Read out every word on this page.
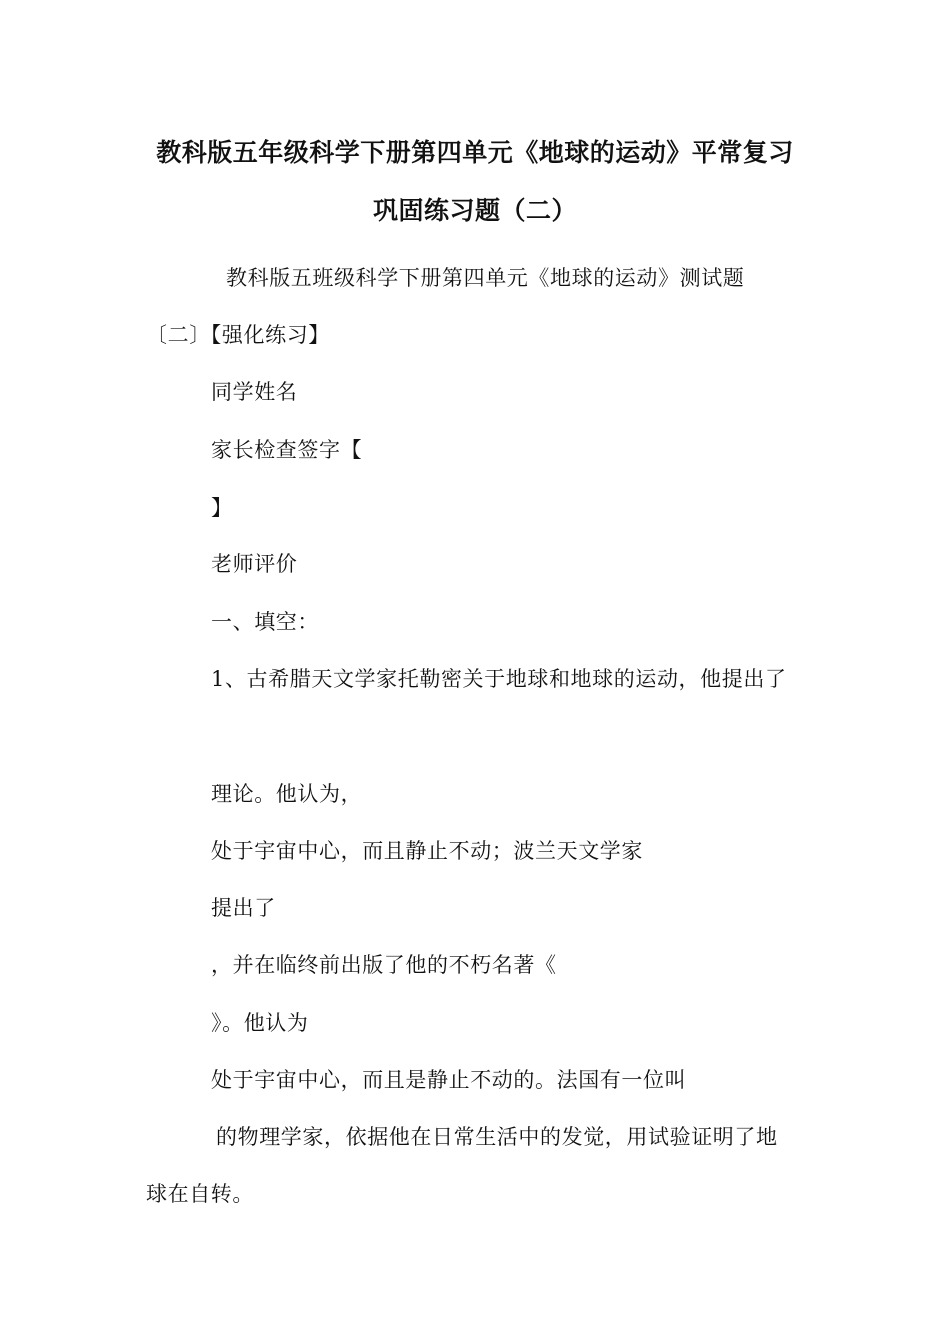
教科版五年级科学下册第四单元《地球的运动》平常复习
巩固练习题（二）
教科版五班级科学下册第四单元《地球的运动》测试题
〔二〕【强化练习】
同学姓名
家长检查签字【
】
老师评价
一、填空：
1、古希腊天文学家托勒密关于地球和地球的运动，他提出了
理论。他认为，
处于宇宙中心，而且静止不动；波兰天文学家
提出了
，并在临终前出版了他的不朽名著《
》。他认为
处于宇宙中心，而且是静止不动的。法国有一位叫
的物理学家，依据他在日常生活中的发觉，用试验证明了地
球在自转。
